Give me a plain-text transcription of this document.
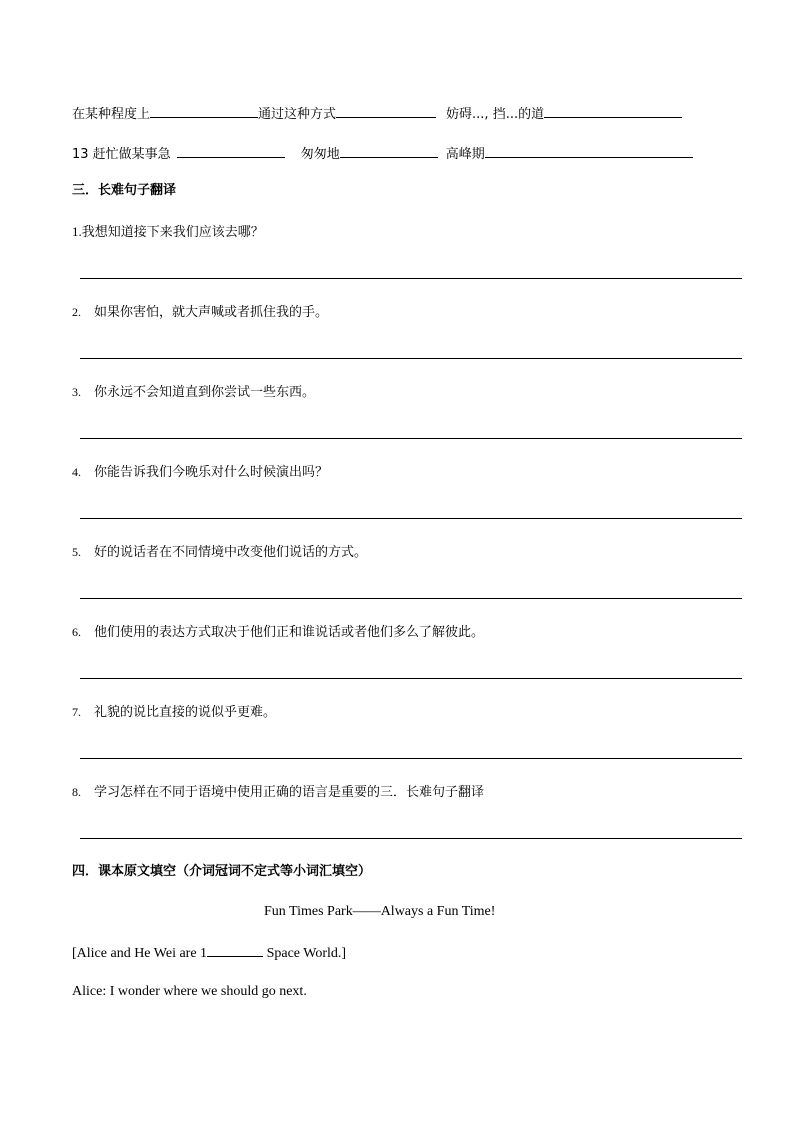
在某种程度上	通过这种方式	妨碍..., 挡...的道
13 赶忙做某事急	匆匆地	高峰期
三．长难句子翻译
1.我想知道接下来我们应该去哪？
2. 如果你害怕，就大声喊或者抓住我的手。
3. 你永远不会知道直到你尝试一些东西。
4. 你能告诉我们今晚乐对什么时候演出吗？
5. 好的说话者在不同情境中改变他们说话的方式。
6. 他们使用的表达方式取决于他们正和谁说话或者他们多么了解彼此。
7. 礼貌的说比直接的说似乎更难。
8. 学习怎样在不同于语境中使用正确的语言是重要的三．长难句子翻译
四．课本原文填空（介词冠词不定式等小词汇填空）
Fun Times Park——Always a Fun Time!
[Alice and He Wei are 1	Space World.]
Alice: I wonder where we should go next.
